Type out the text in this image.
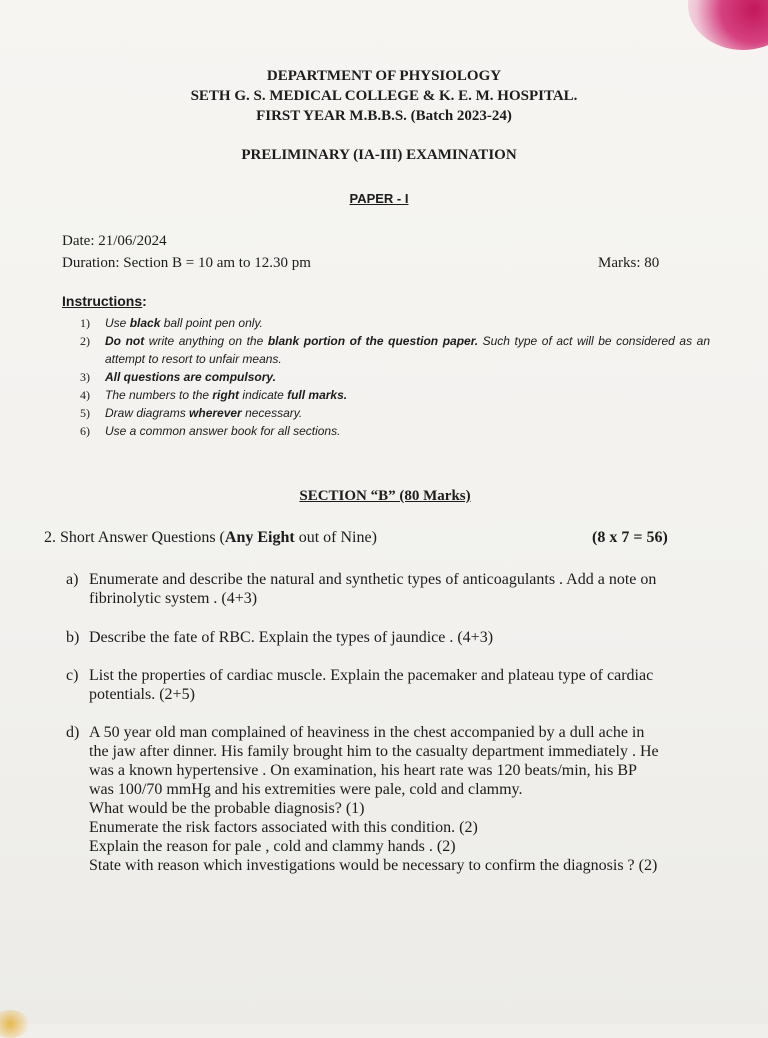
DEPARTMENT OF PHYSIOLOGY
SETH G. S. MEDICAL COLLEGE & K. E. M. HOSPITAL.
FIRST YEAR M.B.B.S. (Batch 2023-24)
PRELIMINARY (IA-III) EXAMINATION
PAPER - I
Date: 21/06/2024
Duration: Section B = 10 am to 12.30 pm	Marks: 80
Instructions:
1) Use black ball point pen only.
2) Do not write anything on the blank portion of the question paper. Such type of act will be considered as an attempt to resort to unfair means.
3) All questions are compulsory.
4) The numbers to the right indicate full marks.
5) Draw diagrams wherever necessary.
6) Use a common answer book for all sections.
SECTION “B” (80 Marks)
2. Short Answer Questions (Any Eight out of Nine)	(8 x 7 = 56)
a) Enumerate and describe the natural and synthetic types of anticoagulants . Add a note on
fibrinolytic system . (4+3)
b) Describe the fate of RBC. Explain the types of jaundice . (4+3)
c) List the properties of cardiac muscle. Explain the pacemaker and plateau type of cardiac
potentials. (2+5)
d) A 50 year old man complained of heaviness in the chest accompanied by a dull ache in
the jaw after dinner. His family brought him to the casualty department immediately . He
was a known hypertensive . On examination, his heart rate was 120 beats/min, his BP
was 100/70 mmHg and his extremities were pale, cold and clammy.
What would be the probable diagnosis? (1)
Enumerate the risk factors associated with this condition. (2)
Explain the reason for pale , cold and clammy hands . (2)
State with reason which investigations would be necessary to confirm the diagnosis ? (2)
